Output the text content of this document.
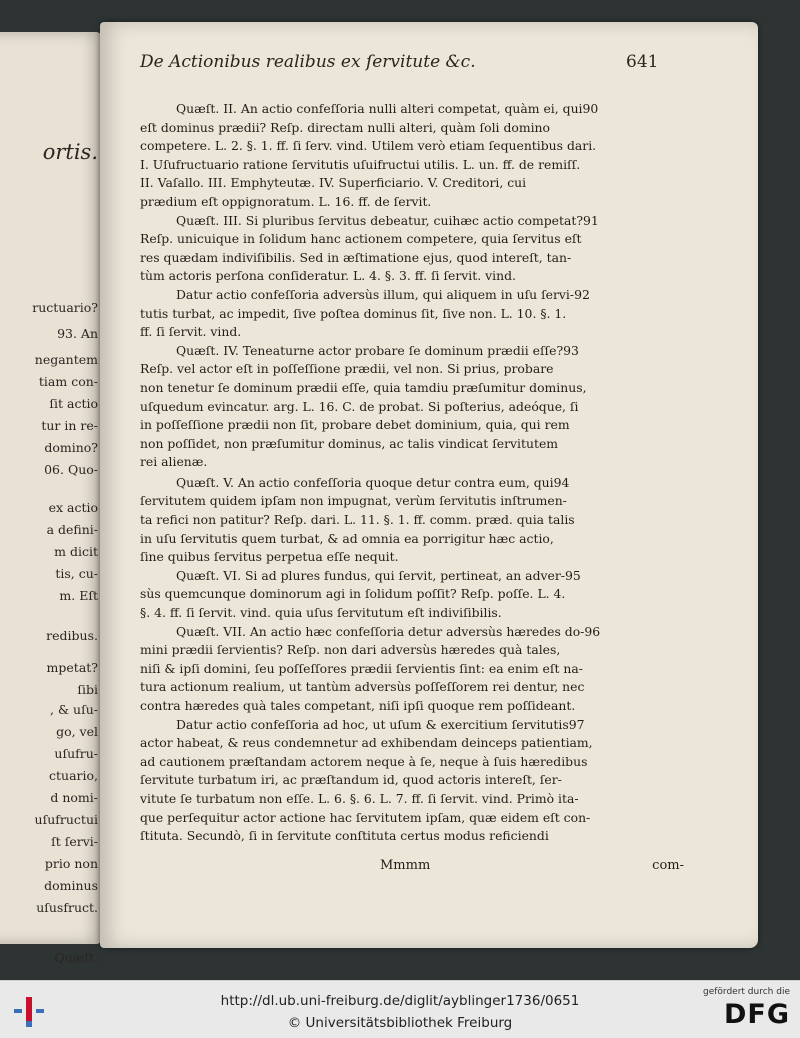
ortis.
ructuario?
93. An
negantem
tiam con-
ſit actio
tur in re-
domino?
06. Quo-
ex actio
a defini-
m dicit
tis, cu-
m. Eſt
redibus.
mpetat?
ſibi
, & uſu-
go, vel
uſufru-
ctuario,
d nomi-
uſufructui
ſt ſervi-
prio non
dominus
uſusfruct.
Quæſt.
De Actionibus realibus ex ſervitute &c.	641
Quæſt. II. An actio confeſſoria nulli alteri competat, quàm ei, qui90
eſt dominus prædii? Reſp. directam nulli alteri, quàm ſoli domino
competere. L. 2. §. 1. ff. ſi ſerv. vind. Utilem verò etiam ſequentibus dari.
I. Uſufructuario ratione ſervitutis uſuifructui utilis. L. un. ff. de remiſſ.
II. Vaſallo. III. Emphyteutæ. IV. Superficiario. V. Creditori, cui
prædium eſt oppignoratum. L. 16. ff. de ſervit.
Quæſt. III. Si pluribus ſervitus debeatur, cuihæc actio competat?91
Reſp. unicuique in ſolidum hanc actionem competere, quia ſervitus eſt
res quædam indiviſibilis. Sed in æſtimatione ejus, quod intereſt, tan-
tùm actoris perſona conſideratur. L. 4. §. 3. ff. ſi ſervit. vind.
Datur actio confeſſoria adversùs illum, qui aliquem in uſu ſervi-92
tutis turbat, ac impedit, ſive poſtea dominus ſit, ſive non. L. 10. §. 1.
ff. ſi ſervit. vind.
Quæſt. IV. Teneaturne actor probare ſe dominum prædii eſſe?93
Reſp. vel actor eſt in poſſeſſione prædii, vel non. Si prius, probare
non tenetur ſe dominum prædii eſſe, quia tamdiu præſumitur dominus,
uſquedum evincatur. arg. L. 16. C. de probat. Si poſterius, adeóque, ſi
in poſſeſſione prædii non ſit, probare debet dominium, quia, qui rem
non poſſidet, non præſumitur dominus, ac talis vindicat ſervitutem
rei alienæ.
Quæſt. V. An actio confeſſoria quoque detur contra eum, qui94
ſervitutem quidem ipſam non impugnat, verùm ſervitutis inſtrumen-
ta refici non patitur? Reſp. dari. L. 11. §. 1. ff. comm. præd. quia talis
in uſu ſervitutis quem turbat, & ad omnia ea porrigitur hæc actio,
ſine quibus ſervitus perpetua eſſe nequit.
Quæſt. VI. Si ad plures fundus, qui ſervit, pertineat, an adver-95
sùs quemcunque dominorum agi in ſolidum poſſit? Reſp. poſſe. L. 4.
§. 4. ff. ſi ſervit. vind. quia uſus ſervitutum eſt indiviſibilis.
Quæſt. VII. An actio hæc confeſſoria detur adversùs hæredes do-96
mini prædii ſervientis? Reſp. non dari adversùs hæredes quà tales,
niſi & ipſi domini, ſeu poſſeſſores prædii ſervientis ſint: ea enim eſt na-
tura actionum realium, ut tantùm adversùs poſſeſſorem rei dentur, nec
contra hæredes quà tales competant, niſi ipſi quoque rem poſſideant.
Datur actio confeſſoria ad hoc, ut uſum & exercitium ſervitutis97
actor habeat, & reus condemnetur ad exhibendam deinceps patientiam,
ad cautionem præſtandam actorem neque à ſe, neque à ſuis hæredibus
ſervitute turbatum iri, ac præſtandum id, quod actoris intereſt, ſer-
vitute ſe turbatum non eſſe. L. 6. §. 6. L. 7. ff. ſi ſervit. vind. Primò ita-
que perſequitur actor actione hac ſervitutem ipſam, quæ eidem eſt con-
ſtituta. Secundò, ſi in ſervitute conſtituta certus modus reficiendi
Mmmm	com-
http://dl.ub.uni-freiburg.de/diglit/ayblinger1736/0651
© Universitätsbibliothek Freiburg
gefördert durch die
DFG
